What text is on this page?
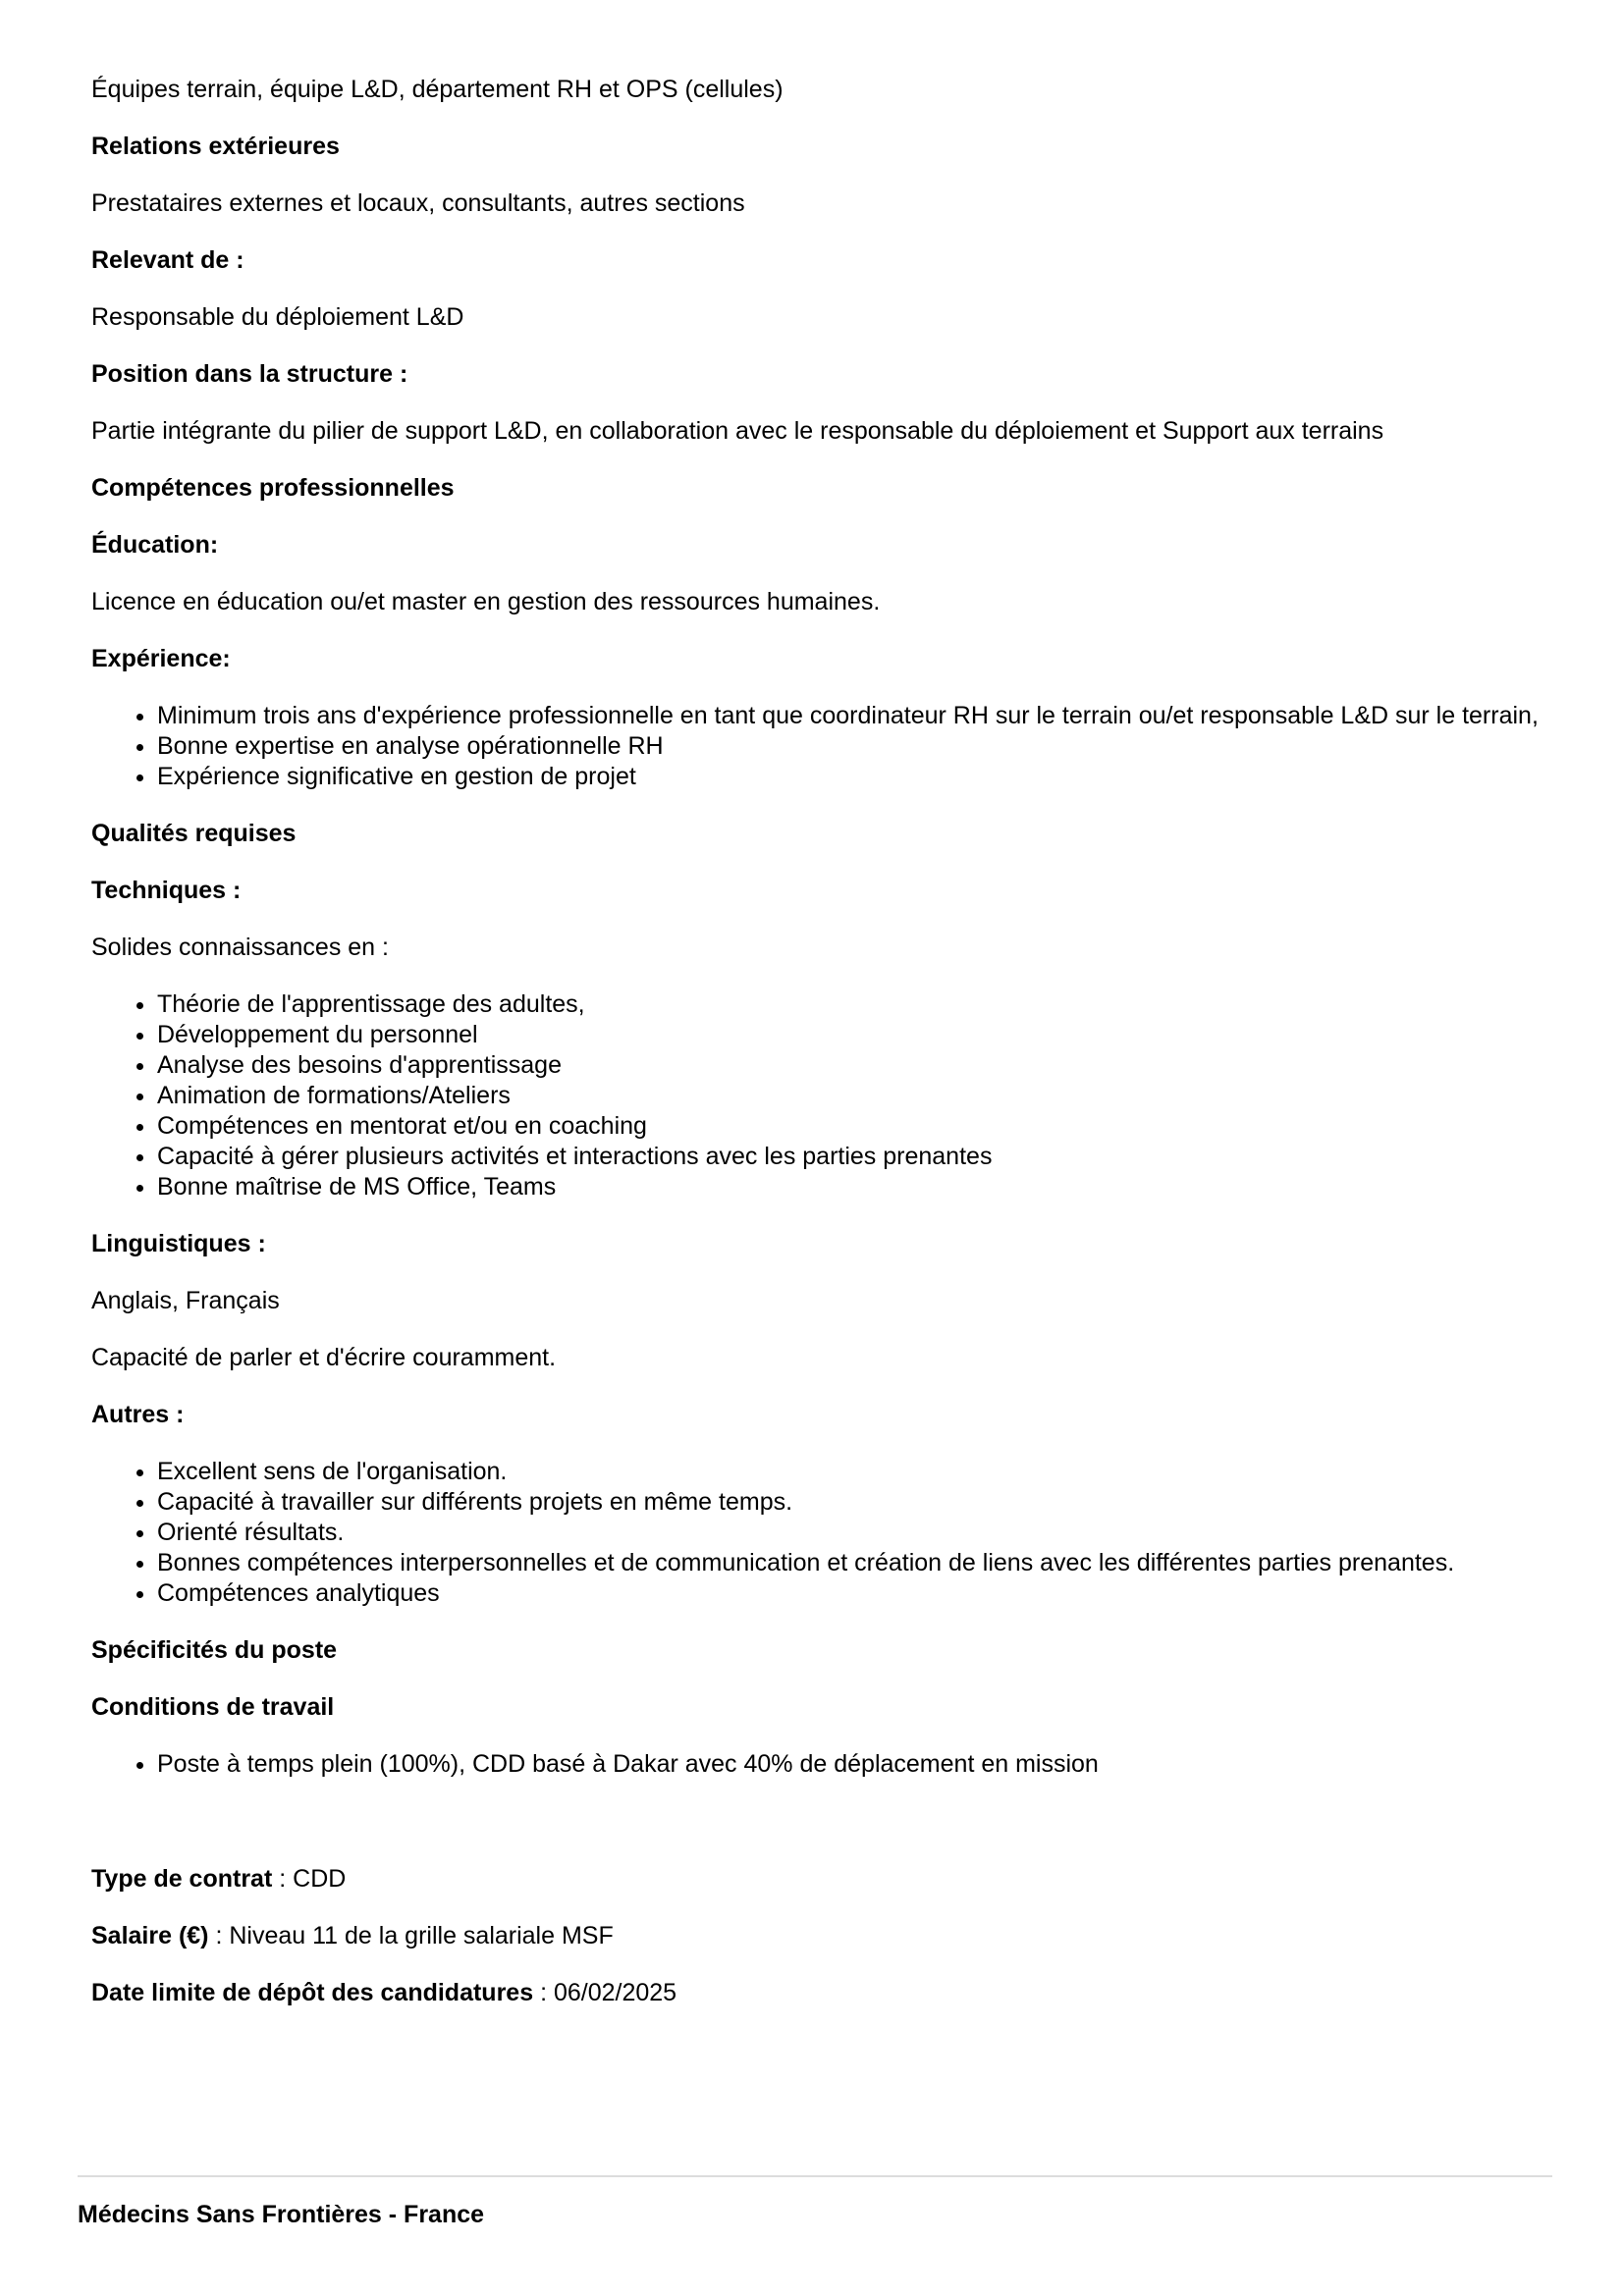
Équipes terrain, équipe L&D, département RH et OPS (cellules)

Relations extérieures

Prestataires externes et locaux, consultants, autres sections

Relevant de :

Responsable du déploiement L&D

Position dans la structure :

Partie intégrante du pilier de support L&D, en collaboration avec le responsable du déploiement et Support aux terrains

Compétences professionnelles

Éducation:

Licence en éducation ou/et master en gestion des ressources humaines.

Expérience:

• Minimum trois ans d'expérience professionnelle en tant que coordinateur RH sur le terrain ou/et responsable L&D sur le terrain,
• Bonne expertise en analyse opérationnelle RH
• Expérience significative en gestion de projet

Qualités requises

Techniques :

Solides connaissances en :

• Théorie de l'apprentissage des adultes,
• Développement du personnel
• Analyse des besoins d'apprentissage
• Animation de formations/Ateliers
• Compétences en mentorat et/ou en coaching
• Capacité à gérer plusieurs activités et interactions avec les parties prenantes
• Bonne maîtrise de MS Office, Teams

Linguistiques :

Anglais, Français

Capacité de parler et d'écrire couramment.

Autres :

• Excellent sens de l'organisation.
• Capacité à travailler sur différents projets en même temps.
• Orienté résultats.
• Bonnes compétences interpersonnelles et de communication et création de liens avec les différentes parties prenantes.
• Compétences analytiques

Spécificités du poste

Conditions de travail

• Poste à temps plein (100%), CDD basé à Dakar avec 40% de déplacement en mission

Type de contrat : CDD

Salaire (€) : Niveau 11 de la grille salariale MSF

Date limite de dépôt des candidatures : 06/02/2025

Médecins Sans Frontières - France
